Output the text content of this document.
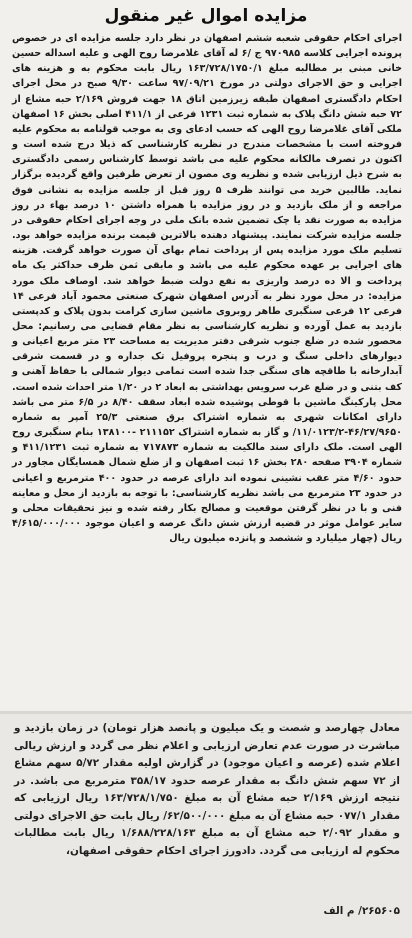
مزایده اموال غیر منقول
اجرای احکام حقوقی شعبه ششم اصفهان در نظر دارد جلسه مزایده ای در خصوص پرونده اجرایی کلاسه ۹۷۰۹۸۵ ج /۶ له آقای غلامرضا روح الهی و علیه اسداله حسین خانی مبنی بر مطالبه مبلغ ۱۶۳/۷۲۸/۱۷۵۰/۱ ریال بابت محکوم به و هزینه های اجرایی و حق الاجرای دولتی در مورخ ۹۷/۰۹/۲۱ ساعت ۹/۳۰ صبح در محل اجرای احکام دادگستری اصفهان طبقه زیرزمین اتاق ۱۸ جهت فروش ۲/۱۶۹ حبه مشاع از ۷۲ حبه شش دانگ پلاک به شماره ثبت ۱۲۳۱ فرعی از ۴۱۱/۱ اصلی بخش ۱۶ اصفهان ملکی آقای غلامرضا روح الهی که حسب ادعای وی به موجب قولنامه به محکوم علیه فروخته است با مشخصات مندرج در نظریه کارشناسی که ذیلا درج شده است و اکنون در تصرف مالکانه محکوم علیه می باشد توسط کارشناس رسمی دادگستری به شرح ذیل ارزیابی شده و نظریه وی مصون از تعرض طرفین واقع گردیده برگزار نماید. طالبین خرید می توانند ظرف ۵ روز قبل از جلسه مزایده به نشانی فوق مراجعه و از ملک بازدید و در روز مزایده با همراه داشتن ۱۰ درصد بهاء در روز مزایده به صورت نقد یا چک تضمین شده بانک ملی در وجه اجرای احکام حقوقی در جلسه مزایده شرکت نمایند. پیشنهاد دهنده بالاترین قیمت برنده مزایده خواهد بود. تسلیم ملک مورد مزایده پس از پرداخت تمام بهای آن صورت خواهد گرفت. هزینه های اجرایی بر عهده محکوم علیه می باشد و مابقی ثمن ظرف حداکثر یک ماه پرداخت و الا ده درصد واریزی به نفع دولت ضبط خواهد شد. اوصاف ملک مورد مزایده: در محل مورد نظر به آدرس اصفهان شهرک صنعتی محمود آباد فرعی ۱۴ فرعی ۱۲ فرعی سنگبری طاهر روبروی ماشین سازی کرامت بدون پلاک و کدپستی بازدید به عمل آورده و نظریه کارشناسی به نظر مقام قضایی می رسانیم: محل محصور شده در ضلع جنوب شرقی دفتر مدیریت به مساحت ۲۳ متر مربع اعیانی و دیوارهای داخلی سنگ و درب و پنجره پروفیل تک جداره و در قسمت شرقی آبدارخانه با طاقچه های سنگی جدا شده است تمامی دیوار شمالی با حفاظ آهنی و کف بتنی و در ضلع غرب سرویس بهداشتی به ابعاد ۲ در ۱/۲۰ متر احداث شده است. محل پارکینگ ماشین با قوطی پوشیده شده ابعاد سقف ۸/۴۰ در ۶/۵ متر می باشد دارای امکانات شهری به شماره اشتراک برق صنعتی ۲۵/۳ آمپر به شماره ۴۶/۲۷/۹۶۵۰-۱۱/۰۱۲۳/۲/ و گاز به شماره اشتراک ۲۱۱۱۵۲ -۱۳۸۱۰۰ بنام سنگبری روح الهی است. ملک دارای سند مالکیت به شماره ۷۱۷۸۷۳ به شماره ثبت ۴۱۱/۱۲۳۱ و شماره ۳۹۰۴ صفحه ۲۸۰ بخش ۱۶ ثبت اصفهان و از ضلع شمال همسایگان مجاور در حدود ۴/۶۰ متر عقب نشینی نموده اند دارای عرصه در حدود ۴۰۰ مترمربع و اعیانی در حدود ۲۳ مترمربع می باشد نظریه کارشناسی: با توجه به بازدید از محل و معاینه فنی و با در نظر گرفتن موقعیت و مصالح بکار رفته شده و نیز تحقیقات محلی و سایر عوامل موثر در قضیه ارزش شش دانگ عرصه و اعیان موجود ۴/۶۱۵/۰۰۰/۰۰۰ ریال (چهار میلیارد و ششصد و پانزده میلیون ریال
معادل چهارصد و شصت و یک میلیون و پانصد هزار تومان) در زمان بازدید و مباشرت در صورت عدم تعارض ارزیابی و اعلام نظر می گردد و ارزش ریالی اعلام شده (عرصه و اعیان موجود) در گزارش اولیه مقدار ۵/۷۲ سهم مشاع از ۷۲ سهم شش دانگ به مقدار عرصه حدود ۳۵۸/۱۷ مترمربع می باشد. در نتیجه ارزش ۲/۱۶۹ حبه مشاع آن به مبلغ ۱۶۳/۷۲۸/۱/۷۵۰ ریال ارزیابی که مقدار ۰۷۷/۱ حبه مشاع آن به مبلغ ۶۲/۵۰۰/۰۰۰/ ریال بابت حق الاجرای دولتی و مقدار ۲/۰۹۲ حبه مشاع آن به مبلغ ۱/۶۸۸/۲۲۸/۱۶۳ ریال بابت مطالبات محکوم له ارزیابی می گردد. دادورز اجرای احکام حقوقی اصفهان،
۲۶۵۶۰۵/ م الف
